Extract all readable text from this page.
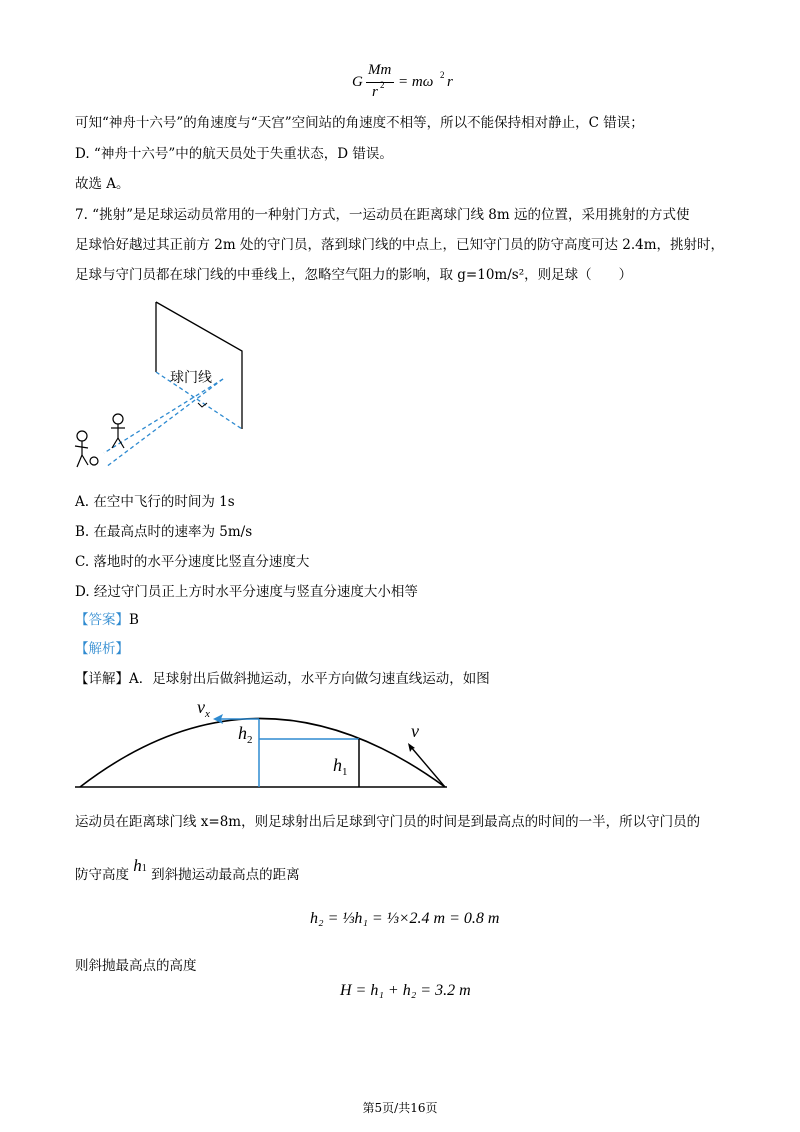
G
Mm
r 2 = mω 2 r
可知“神舟十六号”的角速度与“天宫”空间站的角速度不相等，所以不能保持相对静止，C 错误；
D. “神舟十六号”中的航天员处于失重状态，D 错误。
故选 A。
7. “挑射”是足球运动员常用的一种射门方式，一运动员在距离球门线 8m 远的位置，采用挑射的方式使
足球恰好越过其正前方 2m 处的守门员，落到球门线的中点上，已知守门员的防守高度可达 2.4m，挑射时，
足球与守门员都在球门线的中垂线上，忽略空气阻力的影响，取 g=10m/s²，则足球（　　）
球门线
A. 在空中飞行的时间为 1s
B. 在最高点时的速率为 5m/s
C. 落地时的水平分速度比竖直分速度大
D. 经过守门员正上方时水平分速度与竖直分速度大小相等
【答案】B
【解析】
【详解】A．足球射出后做斜抛运动，水平方向做匀速直线运动，如图
$v_x$
$h_2$
$h_1$
v
运动员在距离球门线 x=8m，则足球射出后足球到守门员的时间是到最高点的时间的一半，所以守门员的
防守高度 h1 到斜抛运动最高点的距离
h₂ = ⅓h₁ = ⅓×2.4 m = 0.8 m
则斜抛最高点的高度
H = h₁ + h₂ = 3.2 m
第5页/共16页
